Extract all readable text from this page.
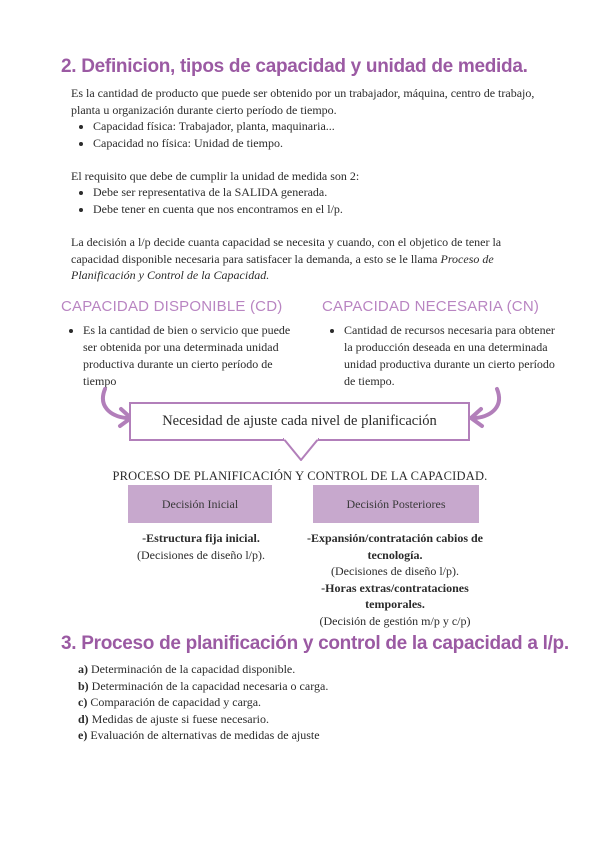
2. Definicion, tipos de capacidad y unidad de medida.
Es la cantidad de producto que puede ser obtenido por un trabajador, máquina, centro de trabajo, planta u organización durante cierto período de tiempo.
• Capacidad física: Trabajador, planta, maquinaria...
• Capacidad no física: Unidad de tiempo.
El requisito que debe de cumplir la unidad de medida son 2:
• Debe ser representativa de la SALIDA generada.
• Debe tener en cuenta que nos encontramos en el l/p.
La decisión a l/p decide cuanta capacidad se necesita y cuando, con el objetico de tener la capacidad disponible necesaria para satisfacer la demanda, a esto se le llama Proceso de Planificación y Control de la Capacidad.
CAPACIDAD DISPONIBLE (CD)
• Es la cantidad de bien o servicio que puede ser obtenida por una determinada unidad productiva durante un cierto período de tiempo
CAPACIDAD NECESARIA (CN)
• Cantidad de recursos necesaria para obtener la producción deseada en una determinada unidad productiva durante un cierto período de tiempo.
Necesidad de ajuste cada nivel de planificación
PROCESO DE PLANIFICACIÓN Y CONTROL DE LA CAPACIDAD.
Decisión Inicial	Decisión Posteriores
-Estructura fija inicial.
(Decisiones de diseño l/p).
-Expansión/contratación cabios de tecnología.
(Decisiones de diseño l/p).
-Horas extras/contrataciones temporales.
(Decisión de gestión m/p y c/p)
3. Proceso de planificación y control de la capacidad a l/p.
a) Determinación de la capacidad disponible.
b) Determinación de la capacidad necesaria o carga.
c) Comparación de capacidad y carga.
d) Medidas de ajuste si fuese necesario.
e) Evaluación de alternativas de medidas de ajuste
